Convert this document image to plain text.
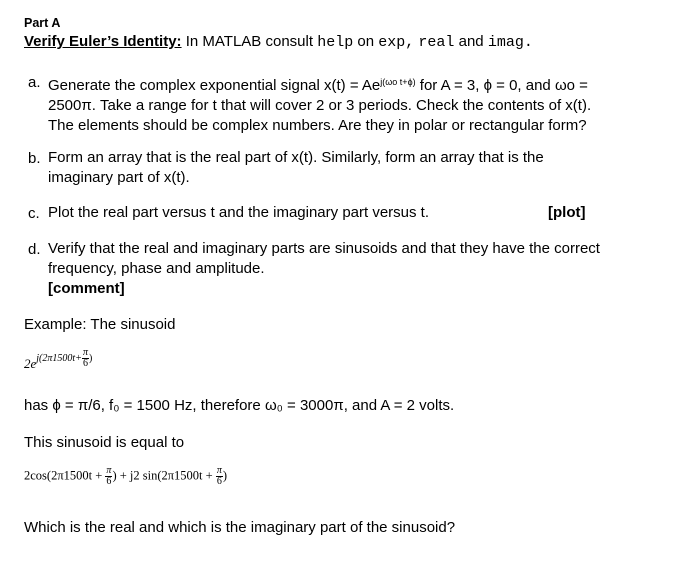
Part A
Verify Euler’s Identity: In MATLAB consult help on exp, real and imag.
a. Generate the complex exponential signal $x(t) = Ae^{j(\omega o t+\phi)}$ for A = 3, ϕ = 0, and ωo =
2500π. Take a range for t that will cover 2 or 3 periods. Check the contents of x(t).
The elements should be complex numbers. Are they in polar or rectangular form?
b. Form an array that is the real part of x(t). Similarly, form an array that is the
imaginary part of x(t).
c. Plot the real part versus t and the imaginary part versus t.	[plot]
d. Verify that the real and imaginary parts are sinusoids and that they have the correct
frequency, phase and amplitude.
[comment]
Example: The sinusoid
$2e^{j(2\pi 1500t+ \frac{\pi}{6} )}$
has ϕ = π/6, f₀ = 1500 Hz, therefore ω₀ = 3000π, and A = 2 volts.
This sinusoid is equal to
$2\cos(2\pi 1500t + \frac{\pi}{6}$ ) + j2 $\sin(2\pi 1500t + \frac{\pi}{6}$ )
Which is the real and which is the imaginary part of the sinusoid?
